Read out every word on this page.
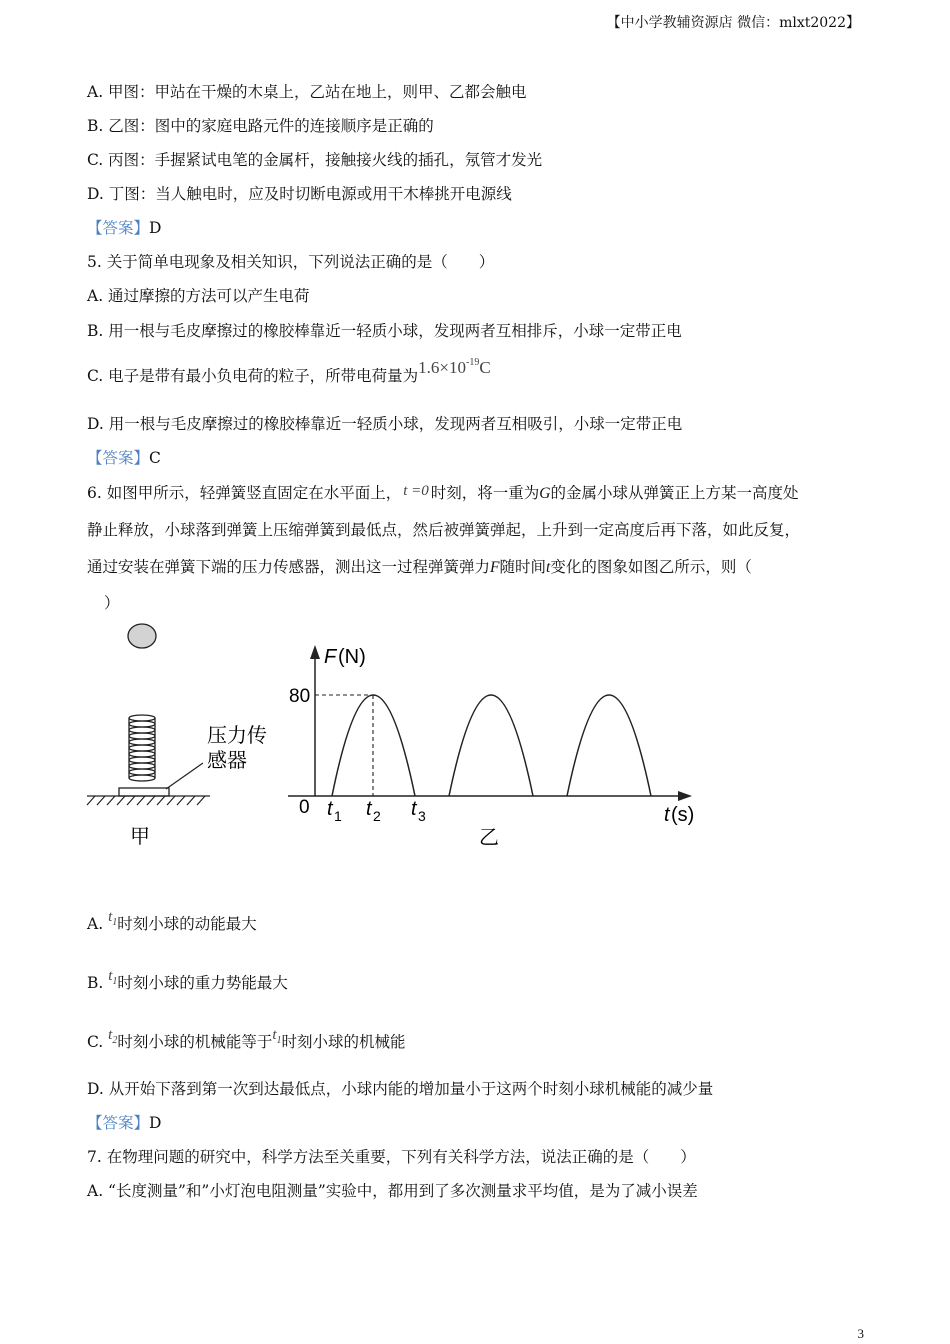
【中小学教辅资源店 微信：mlxt2022】
A. 甲图：甲站在干燥的木桌上，乙站在地上，则甲、乙都会触电
B. 乙图：图中的家庭电路元件的连接顺序是正确的
C. 丙图：手握紧试电笔的金属杆，接触接火线的插孔，氖管才发光
D. 丁图：当人触电时，应及时切断电源或用干木棒挑开电源线
【答案】D
5. 关于简单电现象及相关知识，下列说法正确的是（　　）
A. 通过摩擦的方法可以产生电荷
B. 用一根与毛皮摩擦过的橡胶棒靠近一轻质小球，发现两者互相排斥，小球一定带正电
C. 电子是带有最小负电荷的粒子，所带电荷量为$1.6\times 10^{-19}C$
D. 用一根与毛皮摩擦过的橡胶棒靠近一轻质小球，发现两者互相吸引，小球一定带正电
【答案】C
6. 如图甲所示，轻弹簧竖直固定在水平面上， t =0 时刻，将一重为G的金属小球从弹簧正上方某一高度处
静止释放，小球落到弹簧上压缩弹簧到最低点，然后被弹簧弹起，上升到一定高度后再下落，如此反复，
通过安装在弹簧下端的压力传感器，测出这一过程弹簧弹力F随时间t变化的图象如图乙所示，则（
）
压力传
感器
甲
F (N)
t (s)
0
80
t 1 t 2 t 3
乙
A. $t_1$时刻小球的动能最大
B. $t_1$时刻小球的重力势能最大
C. $t_2$时刻小球的机械能等于$t_1$时刻小球的机械能
D. 从开始下落到第一次到达最低点，小球内能的增加量小于这两个时刻小球机械能的减少量
【答案】D
7. 在物理问题的研究中，科学方法至关重要，下列有关科学方法，说法正确的是（　　）
A. “长度测量”和”小灯泡电阻测量”实验中，都用到了多次测量求平均值，是为了减小误差
3
